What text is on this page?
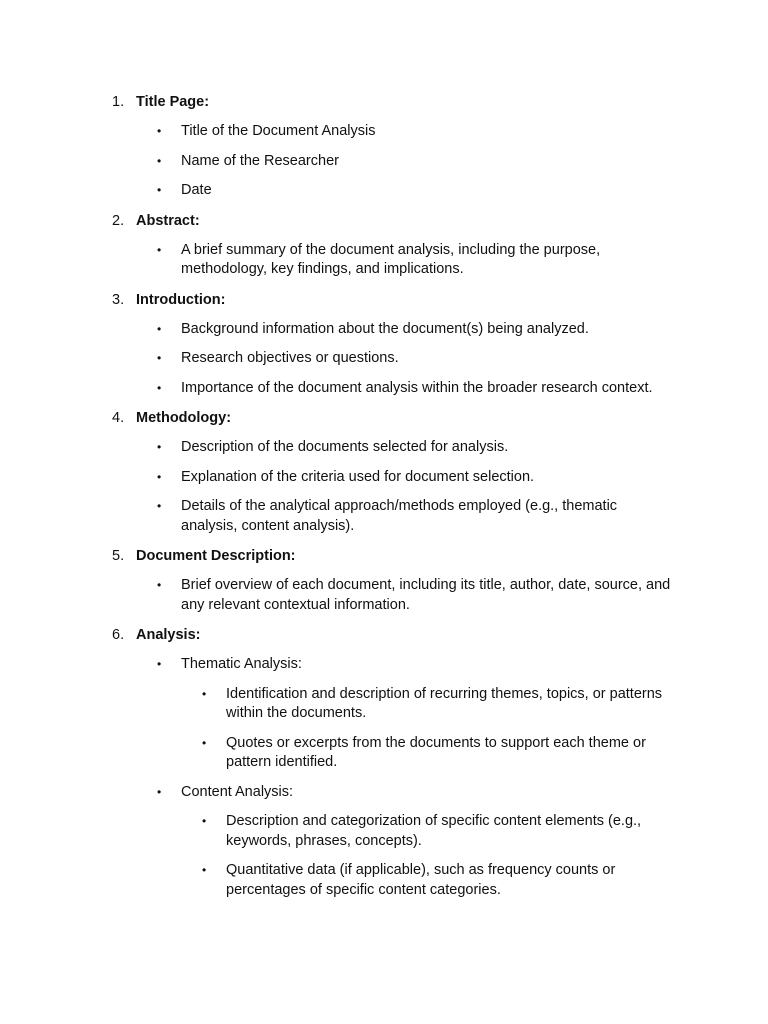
1. Title Page:
• Title of the Document Analysis
• Name of the Researcher
• Date
2. Abstract:
• A brief summary of the document analysis, including the purpose, methodology, key findings, and implications.
3. Introduction:
• Background information about the document(s) being analyzed.
• Research objectives or questions.
• Importance of the document analysis within the broader research context.
4. Methodology:
• Description of the documents selected for analysis.
• Explanation of the criteria used for document selection.
• Details of the analytical approach/methods employed (e.g., thematic analysis, content analysis).
5. Document Description:
• Brief overview of each document, including its title, author, date, source, and any relevant contextual information.
6. Analysis:
• Thematic Analysis:
• Identification and description of recurring themes, topics, or patterns within the documents.
• Quotes or excerpts from the documents to support each theme or pattern identified.
• Content Analysis:
• Description and categorization of specific content elements (e.g., keywords, phrases, concepts).
• Quantitative data (if applicable), such as frequency counts or percentages of specific content categories.
